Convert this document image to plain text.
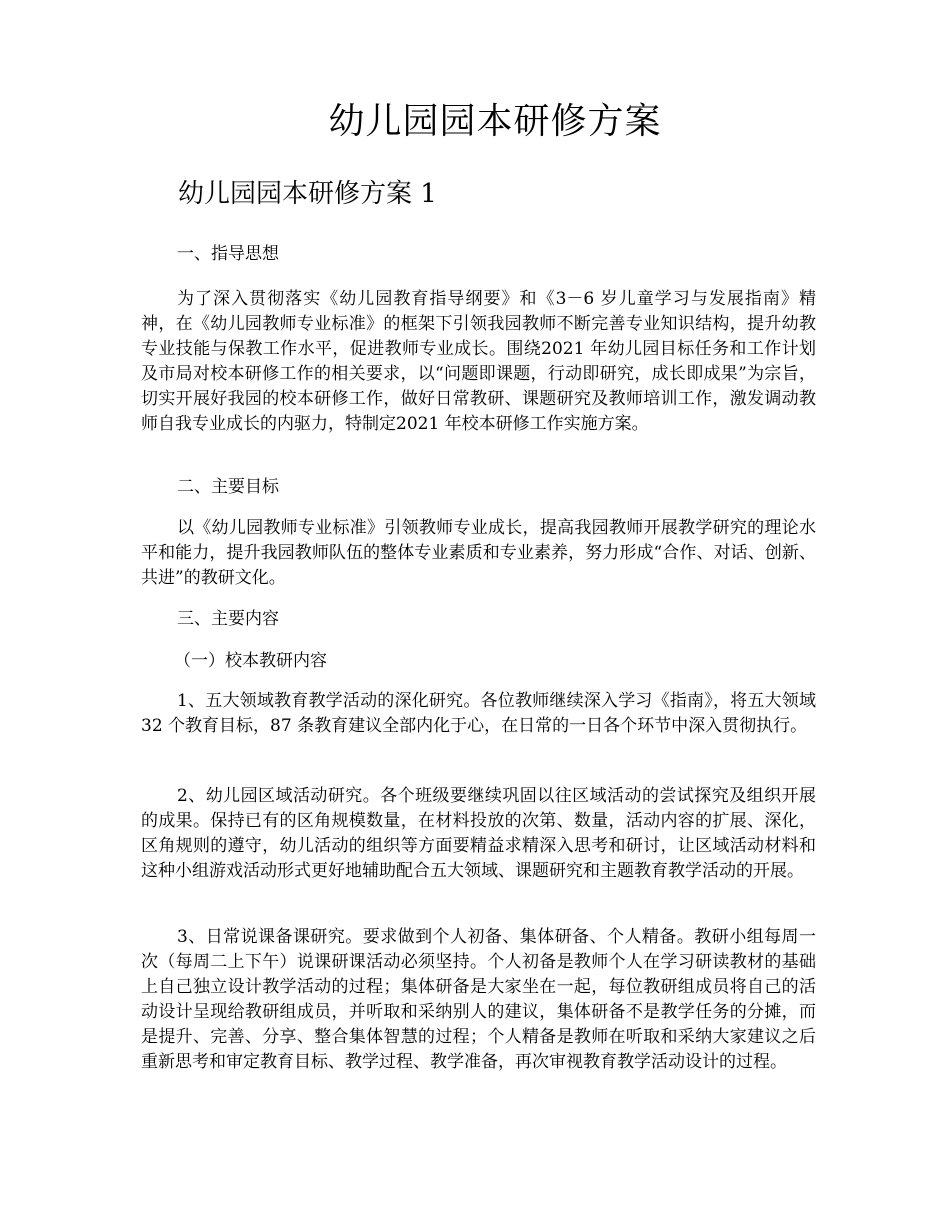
幼儿园园本研修方案
幼儿园园本研修方案 1

一、指导思想

为了深入贯彻落实《幼儿园教育指导纲要》和《3－6 岁儿童学习与发展指南》精神，在《幼儿园教师专业标准》的框架下引领我园教师不断完善专业知识结构，提升幼教专业技能与保教工作水平，促进教师专业成长。围绕2021 年幼儿园目标任务和工作计划及市局对校本研修工作的相关要求，以“问题即课题，行动即研究，成长即成果”为宗旨，切实开展好我园的校本研修工作，做好日常教研、课题研究及教师培训工作，激发调动教师自我专业成长的内驱力，特制定2021 年校本研修工作实施方案。

二、主要目标

以《幼儿园教师专业标准》引领教师专业成长，提高我园教师开展教学研究的理论水平和能力，提升我园教师队伍的整体专业素质和专业素养，努力形成“合作、对话、创新、共进”的教研文化。

三、主要内容

（一）校本教研内容

1、五大领域教育教学活动的深化研究。各位教师继续深入学习《指南》，将五大领域 32 个教育目标，87 条教育建议全部内化于心，在日常的一日各个环节中深入贯彻执行。

2、幼儿园区域活动研究。各个班级要继续巩固以往区域活动的尝试探究及组织开展的成果。保持已有的区角规模数量，在材料投放的次第、数量，活动内容的扩展、深化，区角规则的遵守，幼儿活动的组织等方面要精益求精深入思考和研讨，让区域活动材料和这种小组游戏活动形式更好地辅助配合五大领域、课题研究和主题教育教学活动的开展。

3、日常说课备课研究。要求做到个人初备、集体研备、个人精备。教研小组每周一次（每周二上下午）说课研课活动必须坚持。个人初备是教师个人在学习研读教材的基础上自己独立设计教学活动的过程；集体研备是大家坐在一起，每位教研组成员将自己的活动设计呈现给教研组成员，并听取和采纳别人的建议，集体研备不是教学任务的分摊，而是提升、完善、分享、整合集体智慧的过程；个人精备是教师在听取和采纳大家建议之后重新思考和审定教育目标、教学过程、教学准备，再次审视教育教学活动设计的过程。
